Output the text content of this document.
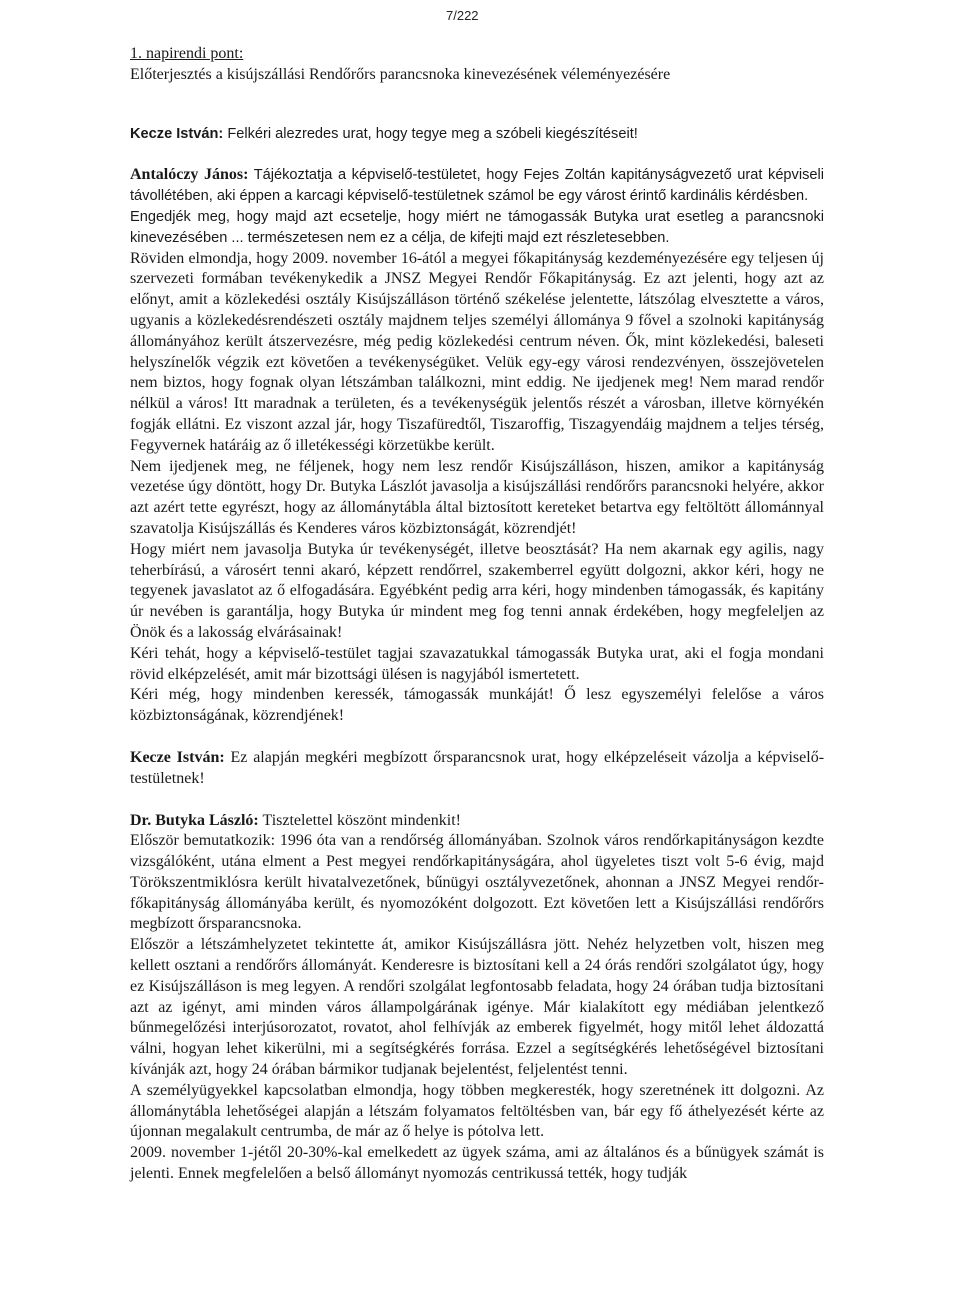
7/222

1. napirendi pont:

Előterjesztés a kisújszállási Rendőrőrs parancsnoka kinevezésének véleményezésére

Kecze István: Felkéri alezredes urat, hogy tegye meg a szóbeli kiegészítéseit!

Antalóczy János: Tájékoztatja a képviselő-testületet, hogy Fejes Zoltán kapitányságvezető urat képviseli távollétében, aki éppen a karcagi képviselő-testületnek számol be egy várost érintő kardinális kérdésben.

Engedjék meg, hogy majd azt ecsetelje, hogy miért ne támogassák Butyka urat esetleg a parancsnoki kinevezésében ... természetesen nem ez a célja, de kifejti majd ezt részletesebben.

Röviden elmondja, hogy 2009. november 16-ától a megyei főkapitányság kezdeményezésére egy teljesen új szervezeti formában tevékenykedik a JNSZ Megyei Rendőr Főkapitányság. Ez azt jelenti, hogy azt az előnyt, amit a közlekedési osztály Kisújszálláson történő székelése jelentette, látszólag elvesztette a város, ugyanis a közlekedésrendészeti osztály majdnem teljes személyi állománya 9 fővel a szolnoki kapitányság állományához került átszervezésre, még pedig közlekedési centrum néven. Ők, mint közlekedési, baleseti helyszínelők végzik ezt követően a tevékenységüket. Velük egy-egy városi rendezvényen, összejövetelen nem biztos, hogy fognak olyan létszámban találkozni, mint eddig. Ne ijedjenek meg! Nem marad rendőr nélkül a város! Itt maradnak a területen, és a tevékenységük jelentős részét a városban, illetve környékén fogják ellátni. Ez viszont azzal jár, hogy Tiszafüredtől, Tiszaroffig, Tiszagyendáig majdnem a teljes térség, Fegyvernek határáig az ő illetékességi körzetükbe került.

Nem ijedjenek meg, ne féljenek, hogy nem lesz rendőr Kisújszálláson, hiszen, amikor a kapitányság vezetése úgy döntött, hogy Dr. Butyka Lászlót javasolja a kisújszállási rendőrőrs parancsnoki helyére, akkor azt azért tette egyrészt, hogy az állománytábla által biztosított kereteket betartva egy feltöltött állománnyal szavatolja Kisújszállás és Kenderes város közbiztonságát, közrendjét!

Hogy miért nem javasolja Butyka úr tevékenységét, illetve beosztását? Ha nem akarnak egy agilis, nagy teherbírású, a városért tenni akaró, képzett rendőrrel, szakemberrel együtt dolgozni, akkor kéri, hogy ne tegyenek javaslatot az ő elfogadására. Egyébként pedig arra kéri, hogy mindenben támogassák, és kapitány úr nevében is garantálja, hogy Butyka úr mindent meg fog tenni annak érdekében, hogy megfeleljen az Önök és a lakosság elvárásainak!

Kéri tehát, hogy a képviselő-testület tagjai szavazatukkal támogassák Butyka urat, aki el fogja mondani rövid elképzelését, amit már bizottsági ülésen is nagyjából ismertetett.

Kéri még, hogy mindenben keressék, támogassák munkáját! Ő lesz egyszemélyi felelőse a város közbiztonságának, közrendjének!

Kecze István: Ez alapján megkéri megbízott őrsparancsnok urat, hogy elképzeléseit vázolja a képviselő-testületnek!

Dr. Butyka László: Tisztelettel köszönt mindenkit!

Először bemutatkozik: 1996 óta van a rendőrség állományában. Szolnok város rendőrkapitányságon kezdte vizsgálóként, utána elment a Pest megyei rendőrkapitányságára, ahol ügyeletes tiszt volt 5-6 évig, majd Törökszentmiklósra került hivatalvezetőnek, bűnügyi osztályvezetőnek, ahonnan a JNSZ Megyei rendőr-főkapitányság állományába került, és nyomozóként dolgozott. Ezt követően lett a Kisújszállási rendőrőrs megbízott őrsparancsnoka.

Először a létszámhelyzetet tekintette át, amikor Kisújszállásra jött. Nehéz helyzetben volt, hiszen meg kellett osztani a rendőrőrs állományát. Kenderesre is biztosítani kell a 24 órás rendőri szolgálatot úgy, hogy ez Kisújszálláson is meg legyen. A rendőri szolgálat legfontosabb feladata, hogy 24 órában tudja biztosítani azt az igényt, ami minden város állampolgárának igénye. Már kialakított egy médiában jelentkező bűnmegelőzési interjúsorozatot, rovatot, ahol felhívják az emberek figyelmét, hogy mitől lehet áldozattá válni, hogyan lehet kikerülni, mi a segítségkérés forrása. Ezzel a segítségkérés lehetőségével biztosítani kívánják azt, hogy 24 órában bármikor tudjanak bejelentést, feljelentést tenni.

A személyügyekkel kapcsolatban elmondja, hogy többen megkeresték, hogy szeretnének itt dolgozni. Az állománytábla lehetőségei alapján a létszám folyamatos feltöltésben van, bár egy fő áthelyezését kérte az újonnan megalakult centrumba, de már az ő helye is pótolva lett.

2009. november 1-jétől 20-30%-kal emelkedett az ügyek száma, ami az általános és a bűnügyek számát is jelenti. Ennek megfelelően a belső állományt nyomozás centrikussá tették, hogy tudják
